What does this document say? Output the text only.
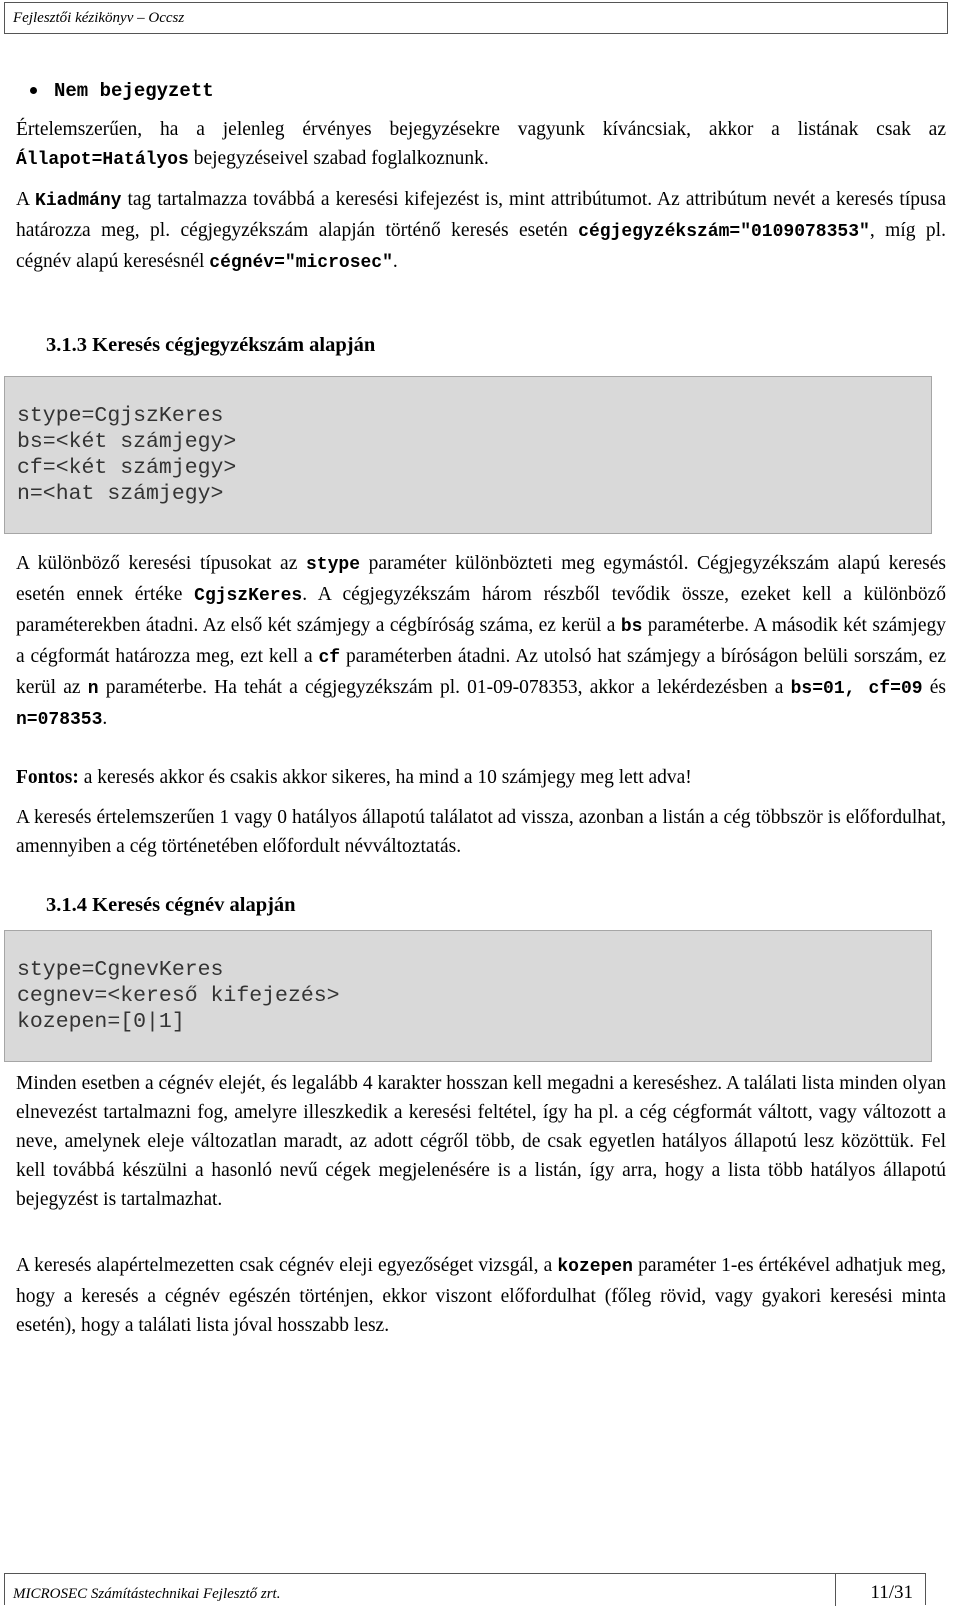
Fejlesztői kézikönyv – Occsz
Nem bejegyzett

Értelemszerűen, ha a jelenleg érvényes bejegyzésekre vagyunk kíváncsiak, akkor a listának csak az Állapot=Hatályos bejegyzéseivel szabad foglalkoznunk.

A Kiadmány tag tartalmazza továbbá a keresési kifejezést is, mint attribútumot. Az attribútum nevét a keresés típusa határozza meg, pl. cégjegyzékszám alapján történő keresés esetén cégjegyzékszám="0109078353", míg pl. cégnév alapú keresésnél cégnév="microsec".

3.1.3 Keresés cégjegyzékszám alapján
stype=CgjszKeres
bs=<két számjegy>
cf=<két számjegy>
n=<hat számjegy>

A különböző keresési típusokat az stype paraméter különbözteti meg egymástól. Cégjegyzékszám alapú keresés esetén ennek értéke CgjszKeres. A cégjegyzékszám három részből tevődik össze, ezeket kell a különböző paraméterekben átadni. Az első két számjegy a cégbíróság száma, ez kerül a bs paraméterbe. A második két számjegy a cégformát határozza meg, ezt kell a cf paraméterben átadni. Az utolsó hat számjegy a bíróságon belüli sorszám, ez kerül az n paraméterbe. Ha tehát a cégjegyzékszám pl. 01-09-078353, akkor a lekérdezésben a bs=01, cf=09 és n=078353.

Fontos: a keresés akkor és csakis akkor sikeres, ha mind a 10 számjegy meg lett adva!

A keresés értelemszerűen 1 vagy 0 hatályos állapotú találatot ad vissza, azonban a listán a cég többször is előfordulhat, amennyiben a cég történetében előfordult névváltoztatás.

3.1.4 Keresés cégnév alapján
stype=CgnevKeres
cegnev=<kereső kifejezés>
kozepen=[0|1]

Minden esetben a cégnév elejét, és legalább 4 karakter hosszan kell megadni a kereséshez. A találati lista minden olyan elnevezést tartalmazni fog, amelyre illeszkedik a keresési feltétel, így ha pl. a cég cégformát váltott, vagy változott a neve, amelynek eleje változatlan maradt, az adott cégről több, de csak egyetlen hatályos állapotú lesz közöttük. Fel kell továbbá készülni a hasonló nevű cégek megjelenésére is a listán, így arra, hogy a lista több hatályos állapotú bejegyzést is tartalmazhat.

A keresés alapértelmezetten csak cégnév eleji egyezőséget vizsgál, a kozepen paraméter 1-es értékével adhatjuk meg, hogy a keresés a cégnév egészén történjen, ekkor viszont előfordulhat (főleg rövid, vagy gyakori keresési minta esetén), hogy a találati lista jóval hosszabb lesz.

MICROSEC Számítástechnikai Fejlesztő zrt.	11/31
